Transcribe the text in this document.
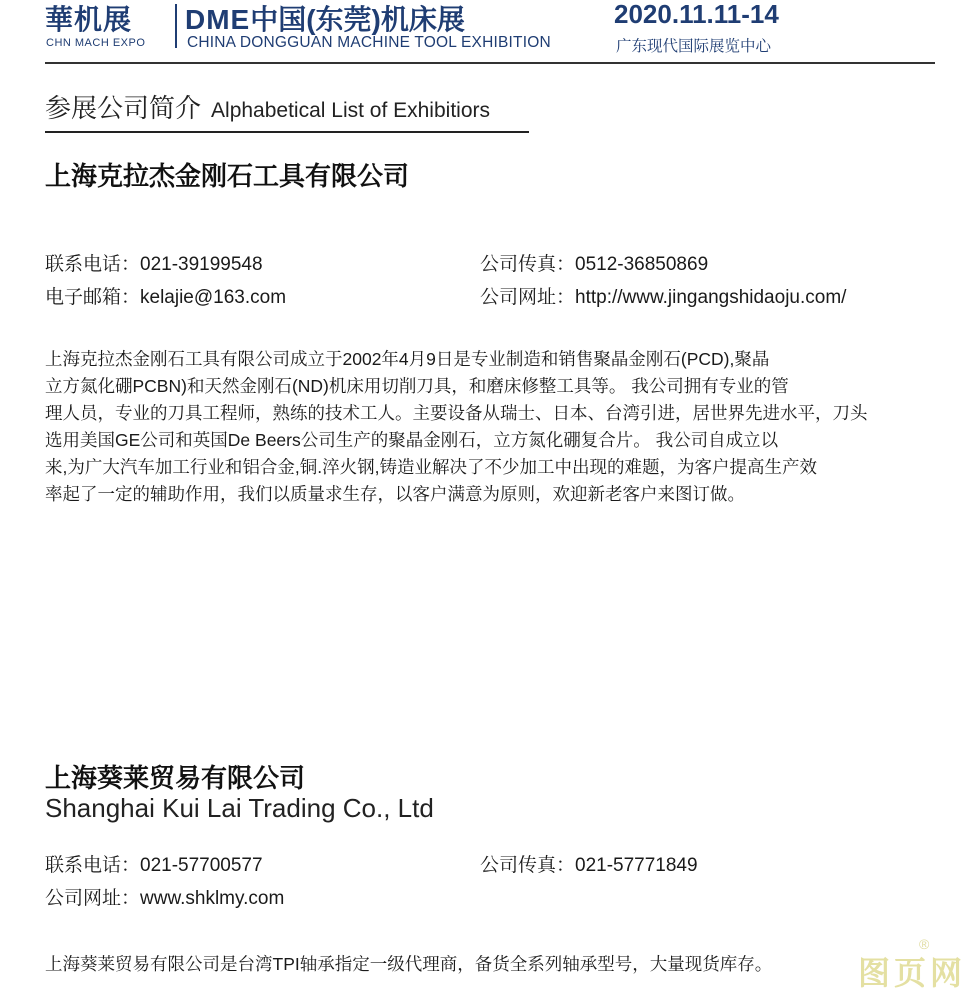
華机展
CHN MACH EXPO
DME中国(东莞)机床展	2020.11.11-14
CHINA DONGGUAN MACHINE TOOL EXHIBITION	广东现代国际展览中心
参展公司简介 Alphabetical List of Exhibitiors
上海克拉杰金刚石工具有限公司
联系电话：021-39199548	公司传真：0512-36850869
电子邮箱：kelajie@163.com	公司网址：http://www.jingangshidaoju.com/
上海克拉杰金刚石工具有限公司成立于2002年4月9日是专业制造和销售聚晶金刚石(PCD),聚晶
立方氮化硼PCBN)和天然金刚石(ND)机床用切削刀具，和磨床修整工具等。 我公司拥有专业的管
理人员，专业的刀具工程师，熟练的技术工人。主要设备从瑞士、日本、台湾引进，居世界先进水平，刀头
选用美国GE公司和英国De Beers公司生产的聚晶金刚石，立方氮化硼复合片。 我公司自成立以
来,为广大汽车加工行业和铝合金,铜.淬火钢,铸造业解决了不少加工中出现的难题，为客户提高生产效
率起了一定的辅助作用，我们以质量求生存，以客户满意为原则，欢迎新老客户来图订做。
上海葵莱贸易有限公司
Shanghai Kui Lai Trading Co., Ltd
联系电话：021-57700577	公司传真：021-57771849
公司网址：www.shklmy.com
上海葵莱贸易有限公司是台湾TPI轴承指定一级代理商，备货全系列轴承型号，大量现货库存。	图页网
®
